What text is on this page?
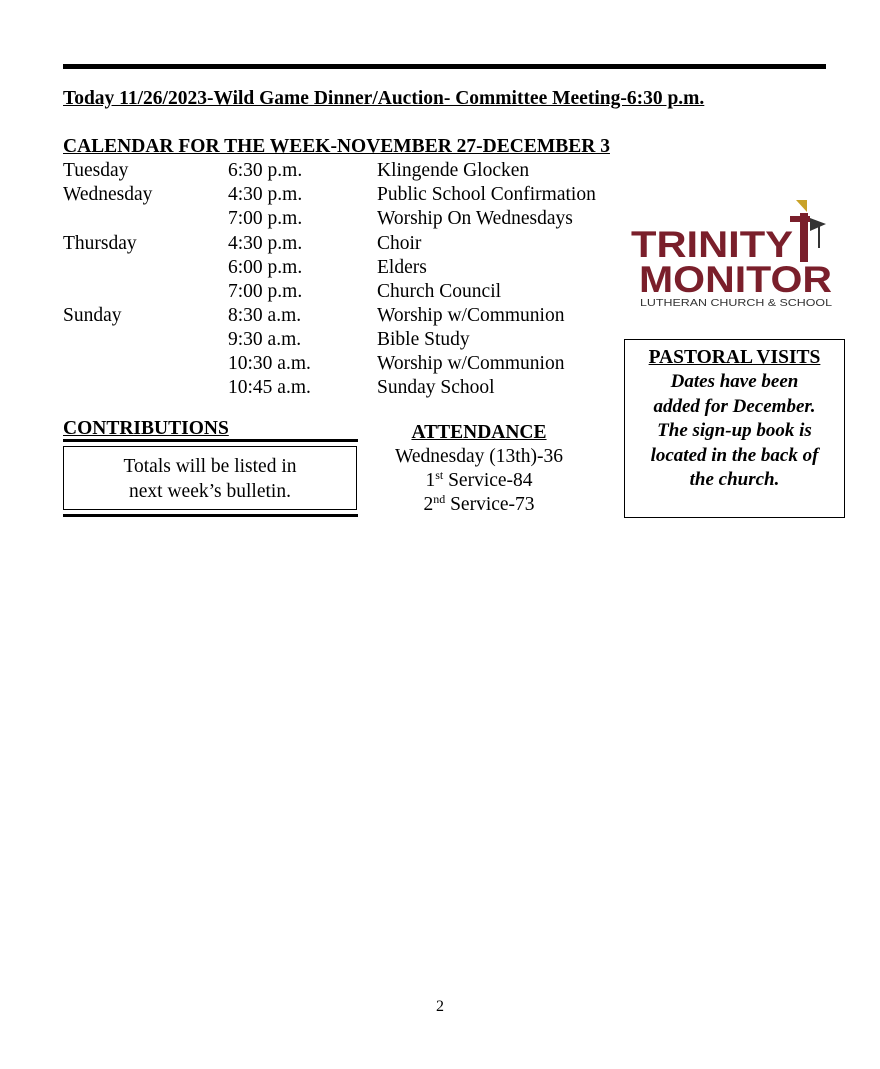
Today 11/26/2023-Wild Game Dinner/Auction- Committee Meeting-6:30 p.m.
CALENDAR FOR THE WEEK-NOVEMBER 27-DECEMBER 3
Tuesday	6:30 p.m.	Klingende Glocken
Wednesday	4:30 p.m.	Public School Confirmation
7:00 p.m.	Worship On Wednesdays
Thursday	4:30 p.m.	Choir
6:00 p.m.	Elders
7:00 p.m.	Church Council
Sunday	8:30 a.m.	Worship w/Communion
9:30 a.m.	Bible Study
10:30 a.m.	Worship w/Communion
10:45 a.m.	Sunday School
CONTRIBUTIONS
Totals will be listed in
next week’s bulletin.
ATTENDANCE
Wednesday (13th)-36
1st Service-84
2nd Service-73
TRINITY
MONITOR
LUTHERAN CHURCH & SCHOOL
PASTORAL VISITS
Dates have been
added for December.
The sign-up book is
located in the back of
the church.
2
